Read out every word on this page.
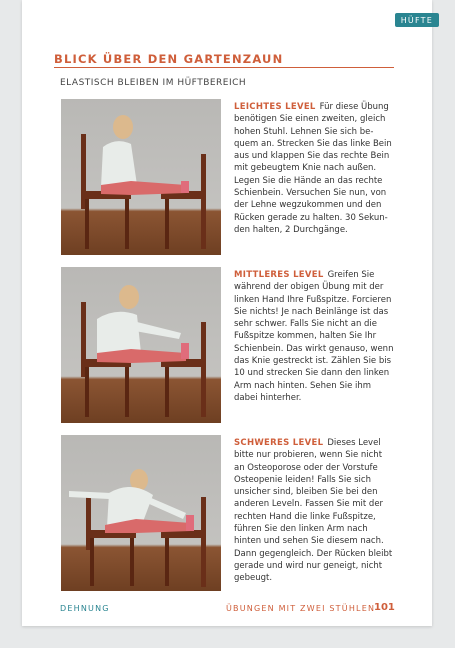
HÜFTE
BLICK ÜBER DEN GARTENZAUN
ELASTISCH BLEIBEN IM HÜFTBEREICH
LEICHTES LEVEL Für diese Übung benötigen Sie einen zweiten, gleich hohen Stuhl. Lehnen Sie sich bequem an. Strecken Sie das linke Bein aus und klappen Sie das rechte Bein mit gebeugtem Knie nach außen. Legen Sie die Hände an das rechte Schienbein. Versuchen Sie nun, von der Lehne wegzukommen und den Rücken gerade zu halten. 30 Sekunden halten, 2 Durchgänge.
MITTLERES LEVEL Greifen Sie während der obigen Übung mit der linken Hand Ihre Fußspitze. Forcieren Sie nichts! Je nach Beinlänge ist das sehr schwer. Falls Sie nicht an die Fußspitze kommen, halten Sie Ihr Schienbein. Das wirkt genauso, wenn das Knie gestreckt ist. Zählen Sie bis 10 und strecken Sie dann den linken Arm nach hinten. Sehen Sie ihm dabei hinterher.
SCHWERES LEVEL Dieses Level bitte nur probieren, wenn Sie nicht an Osteoporose oder der Vorstufe Osteopenie leiden! Falls Sie sich unsicher sind, bleiben Sie bei den anderen Leveln. Fassen Sie mit der rechten Hand die linke Fußspitze, führen Sie den linken Arm nach hinten und sehen Sie diesem nach. Dann gegengleich. Der Rücken bleibt gerade und wird nur geneigt, nicht gebeugt.
DEHNUNG	ÜBUNGEN MIT ZWEI STÜHLEN
101
